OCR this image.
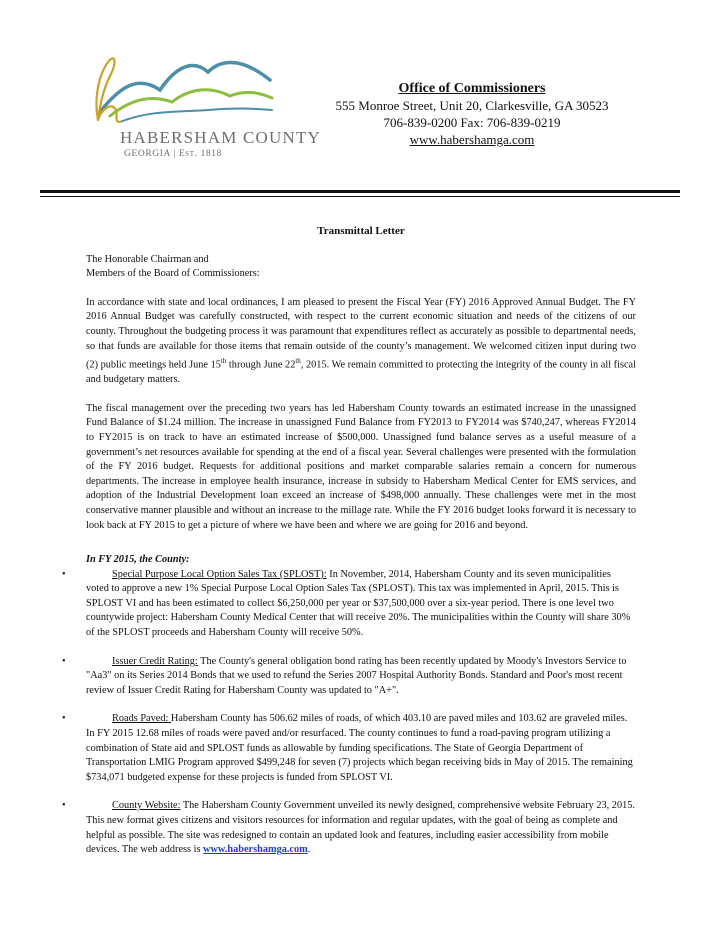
HABERSHAM COUNTY
GEORGIA | Est. 1818
Office of Commissioners
555 Monroe Street, Unit 20, Clarkesville, GA 30523
706-839-0200 Fax: 706-839-0219
www.habershamga.com
Transmittal Letter

The Honorable Chairman and

Members of the Board of Commissioners:

In accordance with state and local ordinances, I am pleased to present the Fiscal Year (FY) 2016 Approved Annual Budget. The FY 2016 Annual Budget was carefully constructed, with respect to the current economic situation and needs of the citizens of our county. Throughout the budgeting process it was paramount that expenditures reflect as accurately as possible to departmental needs, so that funds are available for those items that remain outside of the county’s management. We welcomed citizen input during two (2) public meetings held June 15th through June 22th, 2015. We remain committed to protecting the integrity of the county in all fiscal and budgetary matters.

The fiscal management over the preceding two years has led Habersham County towards an estimated increase in the unassigned Fund Balance of $1.24 million. The increase in unassigned Fund Balance from FY2013 to FY2014 was $740,247, whereas FY2014 to FY2015 is on track to have an estimated increase of $500,000. Unassigned fund balance serves as a useful measure of a government’s net resources available for spending at the end of a fiscal year. Several challenges were presented with the formulation of the FY 2016 budget. Requests for additional positions and market comparable salaries remain a concern for numerous departments. The increase in employee health insurance, increase in subsidy to Habersham Medical Center for EMS services, and adoption of the Industrial Development loan exceed an increase of $498,000 annually. These challenges were met in the most conservative manner plausible and without an increase to the millage rate. While the FY 2016 budget looks forward it is necessary to look back at FY 2015 to get a picture of where we have been and where we are going for 2016 and beyond.

In FY 2015, the County:

•	Special Purpose Local Option Sales Tax (SPLOST): In November, 2014, Habersham County and its seven municipalities voted to approve a new 1% Special Purpose Local Option Sales Tax (SPLOST). This tax was implemented in April, 2015. This is SPLOST VI and has been estimated to collect $6,250,000 per year or $37,500,000 over a six-year period. There is one level two countywide project: Habersham County Medical Center that will receive 20%. The municipalities within the County will share 30% of the SPLOST proceeds and Habersham County will receive 50%.

•	Issuer Credit Rating: The County's general obligation bond rating has been recently updated by Moody's Investors Service to "Aa3" on its Series 2014 Bonds that we used to refund the Series 2007 Hospital Authority Bonds. Standard and Poor's most recent review of Issuer Credit Rating for Habersham County was updated to "A+".

•	Roads Paved: Habersham County has 506.62 miles of roads, of which 403.10 are paved miles and 103.62 are graveled miles. In FY 2015 12.68 miles of roads were paved and/or resurfaced. The county continues to fund a road-paving program utilizing a combination of State aid and SPLOST funds as allowable by funding specifications. The State of Georgia Department of Transportation LMIG Program approved $499,248 for seven (7) projects which began receiving bids in May of 2015. The remaining $734,071 budgeted expense for these projects is funded from SPLOST VI.

•	County Website: The Habersham County Government unveiled its newly designed, comprehensive website February 23, 2015. This new format gives citizens and visitors resources for information and regular updates, with the goal of being as complete and helpful as possible. The site was redesigned to contain an updated look and features, including easier accessibility from mobile devices. The web address is www.habershamga.com.
